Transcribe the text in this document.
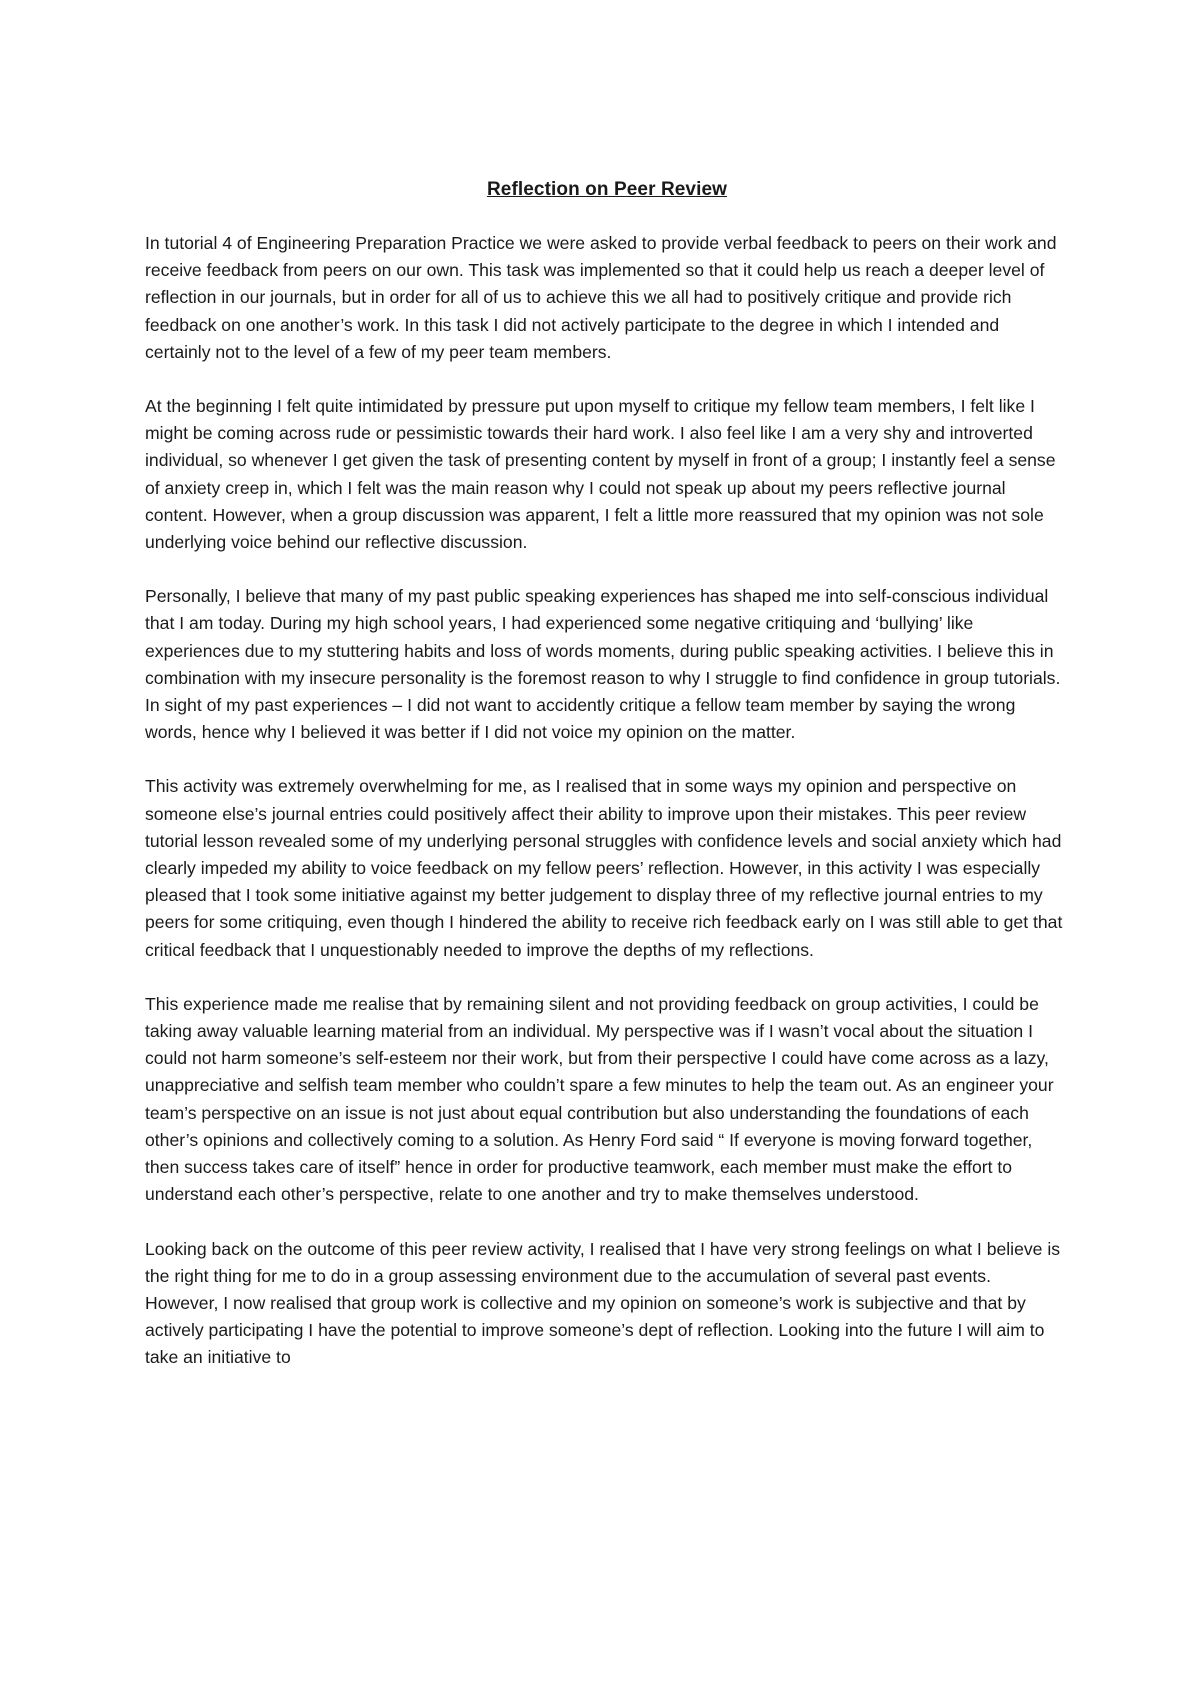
Reflection on Peer Review

In tutorial 4 of Engineering Preparation Practice we were asked to provide verbal feedback to peers on their work and receive feedback from peers on our own. This task was implemented so that it could help us reach a deeper level of reflection in our journals, but in order for all of us to achieve this we all had to positively critique and provide rich feedback on one another’s work. In this task I did not actively participate to the degree in which I intended and certainly not to the level of a few of my peer team members.

At the beginning I felt quite intimidated by pressure put upon myself to critique my fellow team members, I felt like I might be coming across rude or pessimistic towards their hard work. I also feel like I am a very shy and introverted individual, so whenever I get given the task of presenting content by myself in front of a group; I instantly feel a sense of anxiety creep in, which I felt was the main reason why I could not speak up about my peers reflective journal content. However, when a group discussion was apparent, I felt a little more reassured that my opinion was not sole underlying voice behind our reflective discussion.

Personally, I believe that many of my past public speaking experiences has shaped me into self-conscious individual that I am today. During my high school years, I had experienced some negative critiquing and ‘bullying’ like experiences due to my stuttering habits and loss of words moments, during public speaking activities. I believe this in combination with my insecure personality is the foremost reason to why I struggle to find confidence in group tutorials. In sight of my past experiences – I did not want to accidently critique a fellow team member by saying the wrong words, hence why I believed it was better if I did not voice my opinion on the matter.

This activity was extremely overwhelming for me, as I realised that in some ways my opinion and perspective on someone else’s journal entries could positively affect their ability to improve upon their mistakes. This peer review tutorial lesson revealed some of my underlying personal struggles with confidence levels and social anxiety which had clearly impeded my ability to voice feedback on my fellow peers’ reflection. However, in this activity I was especially pleased that I took some initiative against my better judgement to display three of my reflective journal entries to my peers for some critiquing, even though I hindered the ability to receive rich feedback early on I was still able to get that critical feedback that I unquestionably needed to improve the depths of my reflections.

This experience made me realise that by remaining silent and not providing feedback on group activities, I could be taking away valuable learning material from an individual. My perspective was if I wasn’t vocal about the situation I could not harm someone’s self-esteem nor their work, but from their perspective I could have come across as a lazy, unappreciative and selfish team member who couldn’t spare a few minutes to help the team out. As an engineer your team’s perspective on an issue is not just about equal contribution but also understanding the foundations of each other’s opinions and collectively coming to a solution. As Henry Ford said “ If everyone is moving forward together, then success takes care of itself” hence in order for productive teamwork, each member must make the effort to understand each other’s perspective, relate to one another and try to make themselves understood.

Looking back on the outcome of this peer review activity, I realised that I have very strong feelings on what I believe is the right thing for me to do in a group assessing environment due to the accumulation of several past events. However, I now realised that group work is collective and my opinion on someone’s work is subjective and that by actively participating I have the potential to improve someone’s dept of reflection. Looking into the future I will aim to take an initiative to
